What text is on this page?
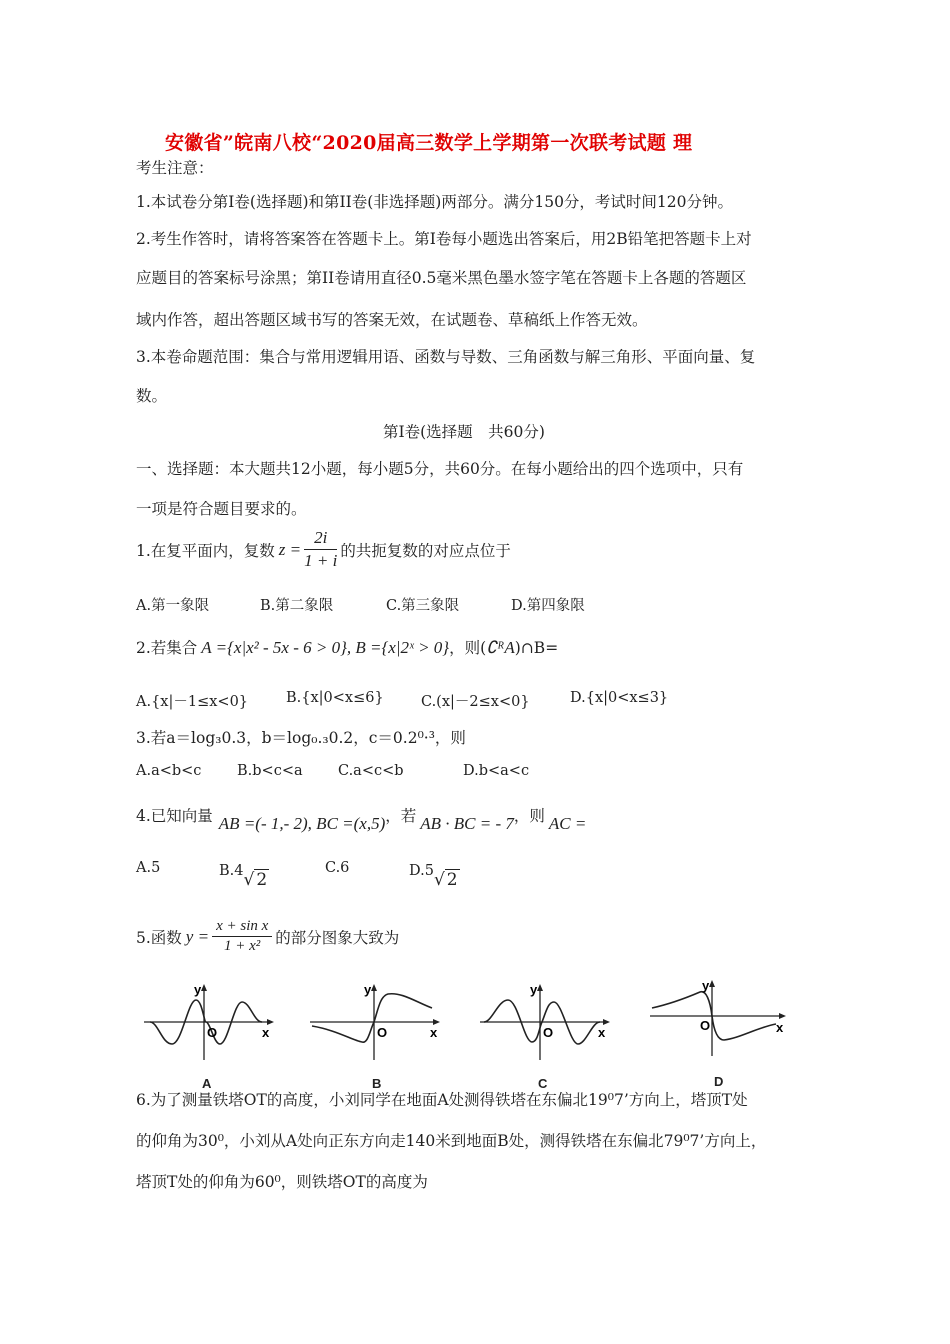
安徽省”皖南八校“2020届高三数学上学期第一次联考试题 理
考生注意：
1.本试卷分第Ⅰ卷(选择题)和第II卷(非选择题)两部分。满分150分，考试时间120分钟。
2.考生作答时，请将答案答在答题卡上。第Ⅰ卷每小题选出答案后，用2B铅笔把答题卡上对
应题目的答案标号涂黑；第II卷请用直径0.5毫米黑色墨水签字笔在答题卡上各题的答题区
域内作答，超出答题区域书写的答案无效，在试题卷、草稿纸上作答无效。
3.本卷命题范围：集合与常用逻辑用语、函数与导数、三角函数与解三角形、平面向量、复
数。
第Ⅰ卷(选择题　共60分)
一、选择题：本大题共12小题，每小题5分，共60分。在每小题给出的四个选项中，只有
一项是符合题目要求的。
1.在复平面内，复数 $z = \frac{2i}{1 + i}$ 的共扼复数的对应点位于
A.第一象限	B.第二象限	C.第三象限	D.第四象限
2.若集合 A ={x|x² - 5x - 6 > 0}, B ={x|2ˣ > 0} ，则( ∁ᴿA )∩B=
A.{x|－1≤x<0}	B.{x|0<x≤6}	C.(x|－2≤x<0}	D.{x|0<x≤3}
3.若a＝log₃0.3，b＝log₀.₃0.2，c＝0.2⁰·³，则
A.a<b<c B.b<c<a C.a<c<b	D.b<a<c
4.已知向量 AB =(- 1,- 2), BC =(x,5) ，若 AB · BC = - 7 ，则 AC =
A.5	B.4√ 2
C.6	D.5√ 2
5.函数 $y = \frac{\text{x + sin x}}{\text{1 + x²}}$ 的部分图象大致为
y
x
O
A
y
x
O
B
y
x
O
C
y
x
O
D
6.为了测量铁塔OT的高度，小刘同学在地面A处测得铁塔在东偏北19⁰7’方向上，塔顶T处
的仰角为30⁰，小刘从A处向正东方向走140米到地面B处，测得铁塔在东偏北79⁰7’方向上，
塔顶T处的仰角为60⁰，则铁塔OT的高度为
